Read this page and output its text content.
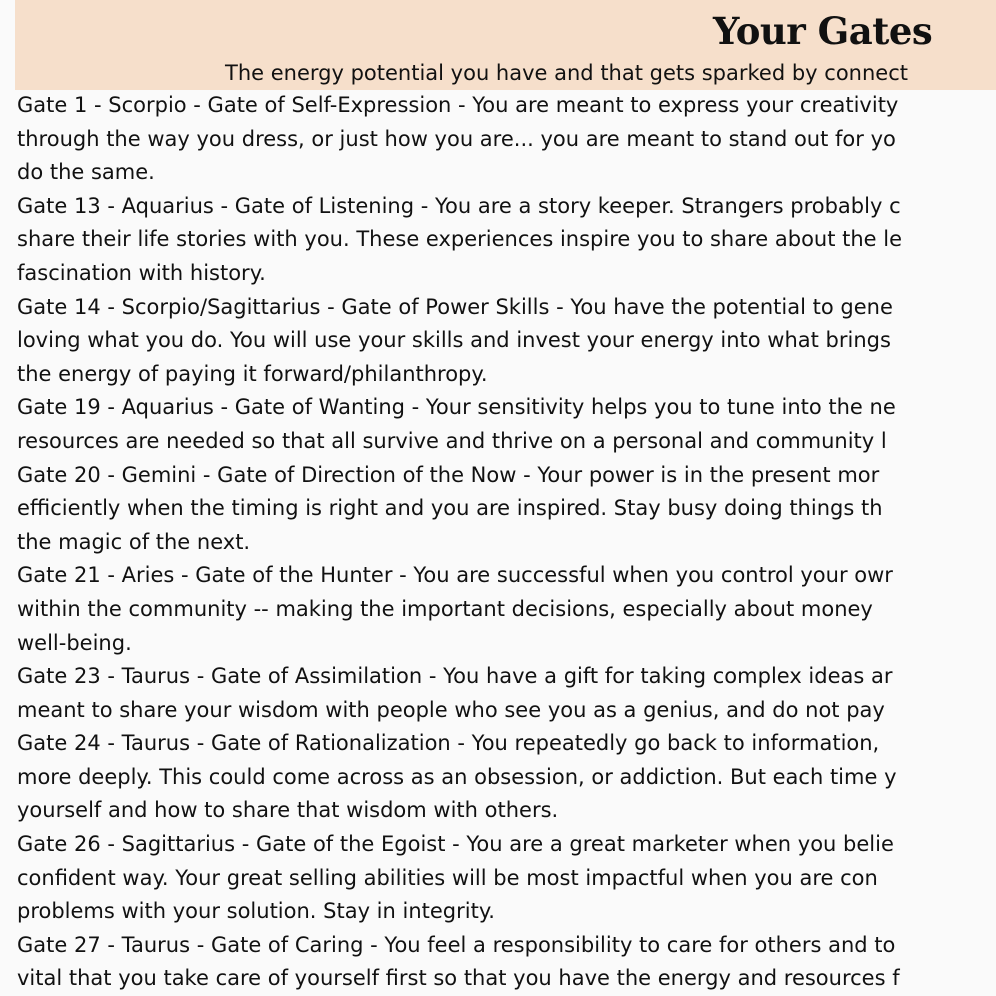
Your Gates

The energy potential you have and that gets sparked by connect

Gate 1 - Scorpio - Gate of Self-Expression - You are meant to express your creativity
through the way you dress, or just how you are... you are meant to stand out for yo
do the same.
Gate 13 - Aquarius - Gate of Listening - You are a story keeper. Strangers probably c
share their life stories with you. These experiences inspire you to share about the le
fascination with history.
Gate 14 - Scorpio/Sagittarius - Gate of Power Skills - You have the potential to gene
loving what you do. You will use your skills and invest your energy into what brings
the energy of paying it forward/philanthropy.
Gate 19 - Aquarius - Gate of Wanting - Your sensitivity helps you to tune into the ne
resources are needed so that all survive and thrive on a personal and community l
Gate 20 - Gemini - Gate of Direction of the Now - Your power is in the present mor
efficiently when the timing is right and you are inspired. Stay busy doing things th
the magic of the next.
Gate 21 - Aries - Gate of the Hunter - You are successful when you control your owr
within the community -- making the important decisions, especially about money
well-being.
Gate 23 - Taurus - Gate of Assimilation - You have a gift for taking complex ideas ar
meant to share your wisdom with people who see you as a genius, and do not pay
Gate 24 - Taurus - Gate of Rationalization - You repeatedly go back to information,
more deeply. This could come across as an obsession, or addiction. But each time y
yourself and how to share that wisdom with others.
Gate 26 - Sagittarius - Gate of the Egoist - You are a great marketer when you belie
confident way. Your great selling abilities will be most impactful when you are con
problems with your solution. Stay in integrity.
Gate 27 - Taurus - Gate of Caring - You feel a responsibility to care for others and to
vital that you take care of yourself first so that you have the energy and resources f
